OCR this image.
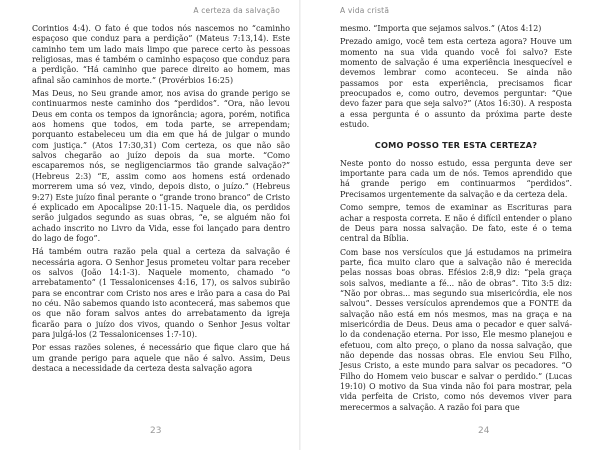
A certeza da salvação

Corintios 4:4). O fato é que todos nós nascemos no “caminho espaçoso que conduz para a perdição” (Mateus 7:13,14). Este caminho tem um lado mais limpo que parece certo às pessoas religiosas, mas é também o caminho espaçoso que conduz para a perdição. “Há caminho que parece direito ao homem, mas afinal são caminhos de morte.” (Provérbios 16:25)

Mas Deus, no Seu grande amor, nos avisa do grande perigo se continuarmos neste caminho dos “perdidos”. “Ora, não levou Deus em conta os tempos da ignorância; agora, porém, notifica aos homens que todos, em toda parte, se arrependam; porquanto estabeleceu um dia em que há de julgar o mundo com justiça.” (Atos 17:30,31) Com certeza, os que não são salvos chegarão ao juízo depois da sua morte. “Como escaparemos nós, se negligenciarmos tão grande salvação?” (Hebreus 2:3) “E, assim como aos homens está ordenado morrerem uma só vez, vindo, depois disto, o juízo.” (Hebreus 9:27) Este juízo final perante o “grande trono branco” de Cristo é explicado em Apocalipse 20:11-15. Naquele dia, os perdidos serão julgados segundo as suas obras, “e, se alguém não foi achado inscrito no Livro da Vida, esse foi lançado para dentro do lago de fogo”.

Há também outra razão pela qual a certeza da salvação é necessária agora. O Senhor Jesus prometeu voltar para receber os salvos (João 14:1-3). Naquele momento, chamado “o arrebatamento” (1 Tessalonicenses 4:16, 17), os salvos subirão para se encontrar com Cristo nos ares e irão para a casa do Pai no céu. Não sabemos quando isto acontecerá, mas sabemos que os que não foram salvos antes do arrebatamento da igreja ficarão para o juízo dos vivos, quando o Senhor Jesus voltar para julgá-los (2 Tessalonicenses 1:7-10).

Por essas razões solenes, é necessário que fique claro que há um grande perigo para aquele que não é salvo. Assim, Deus destaca a necessidade da certeza desta salvação agora

23
A vida cristã

mesmo. “Importa que sejamos salvos.” (Atos 4:12)

Prezado amigo, você tem esta certeza agora? Houve um momento na sua vida quando você foi salvo? Este momento de salvação é uma experiência inesquecível e devemos lembrar como aconteceu. Se ainda não passamos por esta experiência, precisamos ficar preocupados e, como outro, devemos perguntar: “Que devo fazer para que seja salvo?” (Atos 16:30). A resposta a essa pergunta é o assunto da próxima parte deste estudo.

COMO POSSO TER ESTA CERTEZA?

Neste ponto do nosso estudo, essa pergunta deve ser importante para cada um de nós. Temos aprendido que há grande perigo em continuarmos “perdidos”. Precisamos urgentemente da salvação e da certeza dela.

Como sempre, temos de examinar as Escrituras para achar a resposta correta. E não é difícil entender o plano de Deus para nossa salvação. De fato, este é o tema central da Bíblia.

Com base nos versículos que já estudamos na primeira parte, fica muito claro que a salvação não é merecida pelas nossas boas obras. Efésios 2:8,9 diz: “pela graça sois salvos, mediante a fé... não de obras”. Tito 3:5 diz: “Não por obras... mas segundo sua misericórdia, ele nos salvou”. Desses versículos aprendemos que a FONTE da salvação não está em nós mesmos, mas na graça e na misericórdia de Deus. Deus ama o pecador e quer salvá-lo da condenação eterna. Por isso, Ele mesmo planejou e efetuou, com alto preço, o plano da nossa salvação, que não depende das nossas obras. Ele enviou Seu Filho, Jesus Cristo, a este mundo para salvar os pecadores. “O Filho do Homem veio buscar e salvar o perdido.” (Lucas 19:10) O motivo da Sua vinda não foi para mostrar, pela vida perfeita de Cristo, como nós devemos viver para merecermos a salvação. A razão foi para que

24
